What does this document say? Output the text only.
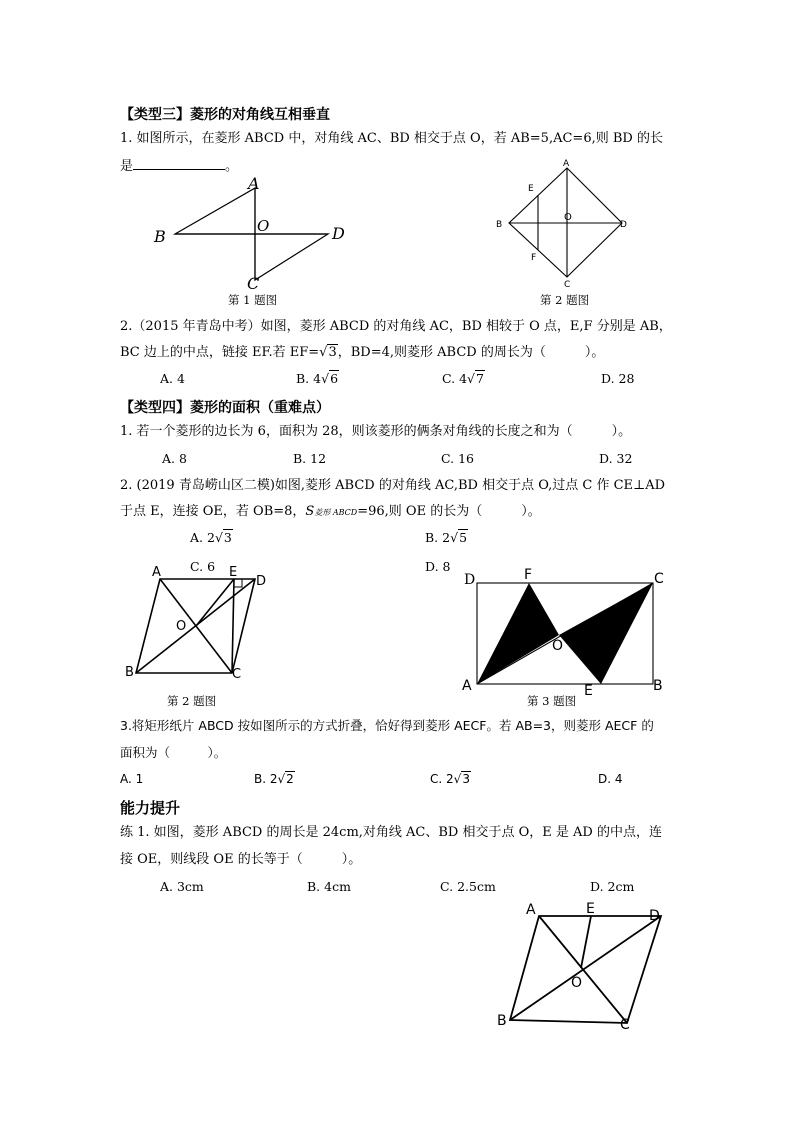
【类型三】菱形的对角线互相垂直
1. 如图所示，在菱形 ABCD 中，对角线 AC、BD 相交于点 O，若 AB=5,AC=6,则 BD 的长
是	。
A
B
O	D
C
第 1 题图
A
E
B
O
D
F
C
第 2 题图
2.（2015 年青岛中考）如图，菱形 ABCD 的对角线 AC，BD 相较于 O 点，E,F 分别是 AB，
BC 边上的中点，链接 EF.若 EF=√3，BD=4,则菱形 ABCD 的周长为（　　　）。
A. 4	B. 4√6	C. 4√7	D. 28
【类型四】菱形的面积（重难点）
1. 若一个菱形的边长为 6，面积为 28，则该菱形的俩条对角线的长度之和为（　　　）。
A. 8	B. 12	C. 16	D. 32
2. (2019 青岛崂山区二模)如图,菱形 ABCD 的对角线 AC,BD 相交于点 O,过点 C 作 CE⊥AD
于点 E，连接 OE，若 OB=8，S菱形 ABCD=96,则 OE 的长为（　　　）。
A. 2√3	B. 2√5
C. 6	D. 8
A	E
D
O
B	C
第 2 题图
D	F	C
O
A	E	B
第 3 题图
3.将矩形纸片 ABCD 按如图所示的方式折叠，恰好得到菱形 AECF。若 AB=3，则菱形 AECF 的
面积为（　　　）。
A. 1	B. 2√2	C. 2√3	D. 4
能力提升
练 1. 如图，菱形 ABCD 的周长是 24cm,对角线 AC、BD 相交于点 O，E 是 AD 的中点，连
接 OE，则线段 OE 的长等于（　　　）。
A. 3cm	B. 4cm	C. 2.5cm	D. 2cm
A	E	D
O
B	C
